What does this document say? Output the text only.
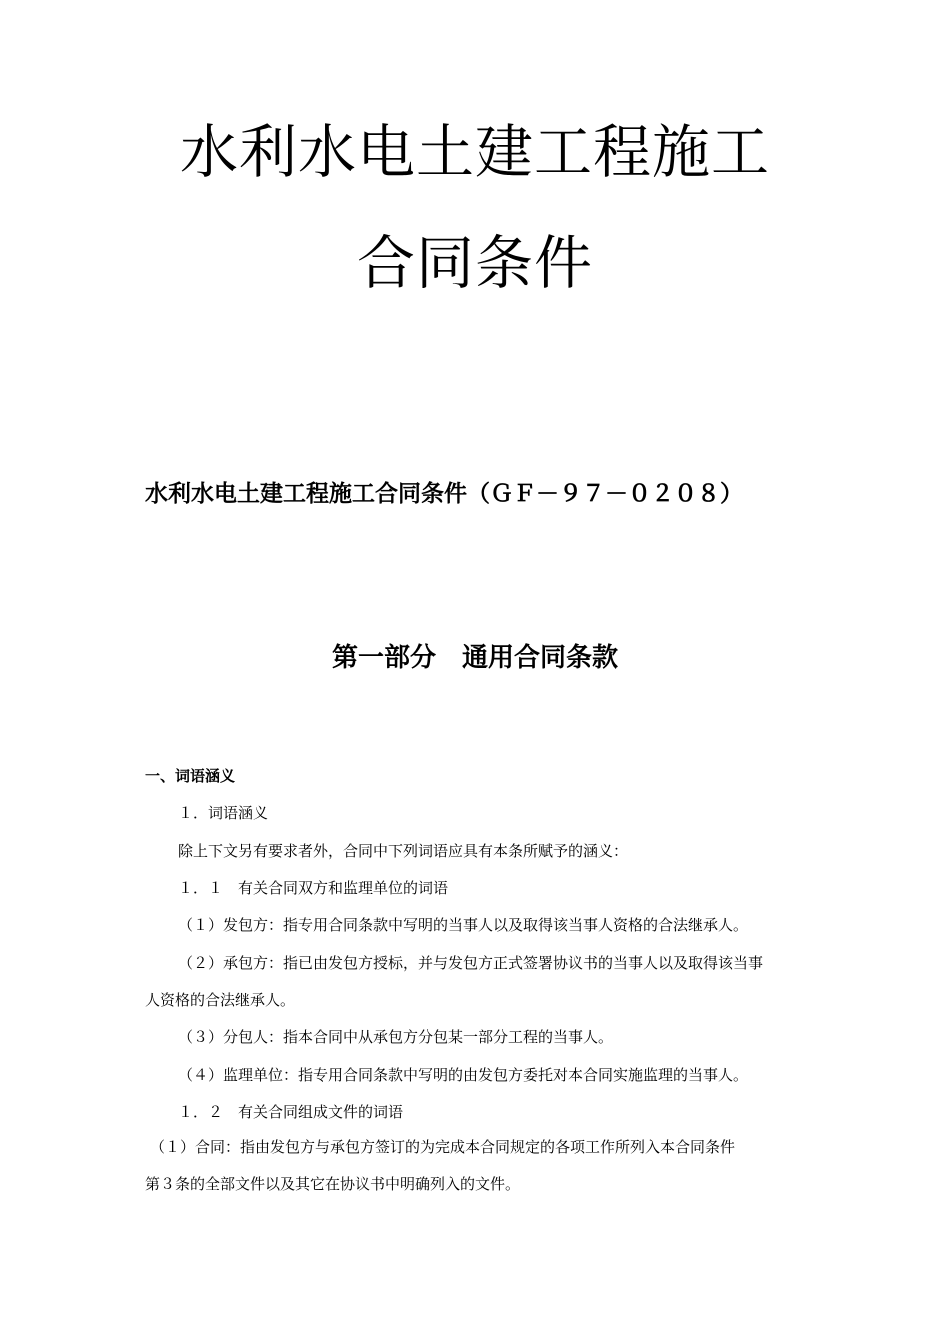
水利水电土建工程施工
合同条件
水利水电土建工程施工合同条件（ＧＦ－９７－０２０８）
第一部分　通用合同条款
一、词语涵义
１．词语涵义
除上下文另有要求者外，合同中下列词语应具有本条所赋予的涵义：
１．１　有关合同双方和监理单位的词语
（１）发包方：指专用合同条款中写明的当事人以及取得该当事人资格的合法继承人。
（２）承包方：指已由发包方授标，并与发包方正式签署协议书的当事人以及取得该当事
人资格的合法继承人。
（３）分包人：指本合同中从承包方分包某一部分工程的当事人。
（４）监理单位：指专用合同条款中写明的由发包方委托对本合同实施监理的当事人。
１．２　有关合同组成文件的词语
（１）合同：指由发包方与承包方签订的为完成本合同规定的各项工作所列入本合同条件
第３条的全部文件以及其它在协议书中明确列入的文件。
